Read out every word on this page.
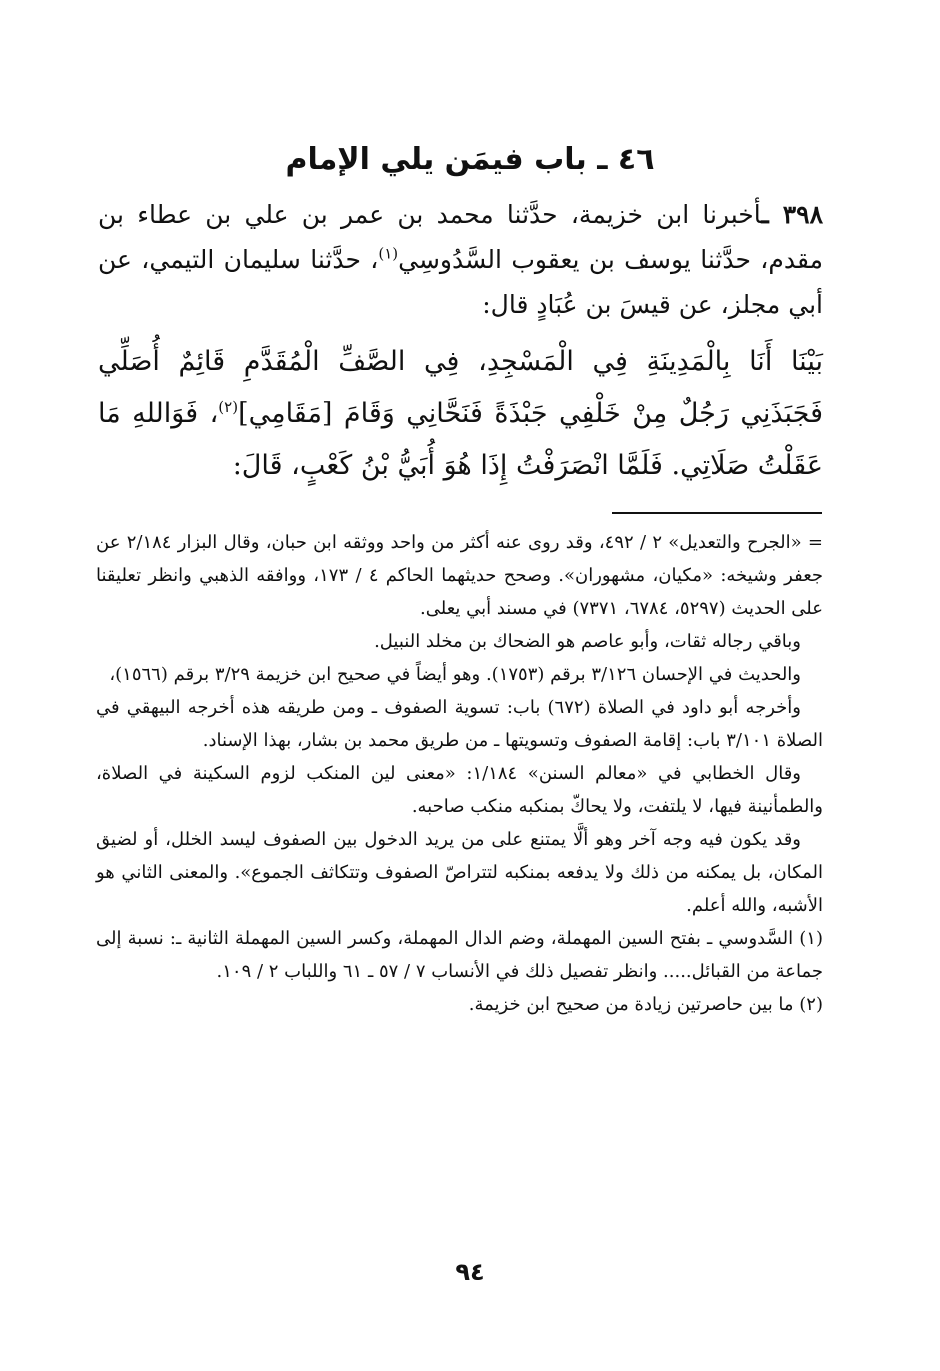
٤٦ ـ باب فيمَن يلي الإمام

٣٩٨ ـأخبرنا ابن خزيمة، حدَّثنا محمد بن عمر بن علي بن عطاء بن مقدم، حدَّثنا يوسف بن يعقوب السَّدُوسِي$^{(١)}$، حدَّثنا سليمان التيمي، عن أبي مجلز، عن قيسَ بن عُبَادٍ قال:

بَيْنَا أَنَا بِالْمَدِينَةِ فِي الْمَسْجِدِ، فِي الصَّفِّ الْمُقَدَّمِ قَائِمٌ أُصَلِّي فَجَبَذَنِي رَجُلٌ مِنْ خَلْفِي جَبْذَةً فَنَحَّانِي وَقَامَ [مَقَامِي]$^{(٢)}$، فَوَاللهِ مَا عَقَلْتُ صَلَاتِي. فَلَمَّا انْصَرَفْتُ إِذَا هُوَ أُبَيُّ بْنُ كَعْبٍ، قَالَ:

= «الجرح والتعديل» ٢ / ٤٩٢، وقد روى عنه أكثر من واحد ووثقه ابن حبان، وقال البزار ٢/١٨٤ عن جعفر وشيخه: «مكيان، مشهوران». وصحح حديثهما الحاكم ٤ / ١٧٣، ووافقه الذهبي وانظر تعليقنا على الحديث (٥٢٩٧، ٦٧٨٤، ٧٣٧١) في مسند أبي يعلى.

وباقي رجاله ثقات، وأبو عاصم هو الضحاك بن مخلد النبيل.

والحديث في الإحسان ٣/١٢٦ برقم (١٧٥٣). وهو أيضاً في صحيح ابن خزيمة ٣/٢٩ برقم (١٥٦٦)،

وأخرجه أبو داود في الصلاة (٦٧٢) باب: تسوية الصفوف ـ ومن طريقه هذه أخرجه البيهقي في الصلاة ٣/١٠١ باب: إقامة الصفوف وتسويتها ـ من طريق محمد بن بشار، بهذا الإسناد.

وقال الخطابي في «معالم السنن» ١/١٨٤: «معنى لين المنكب لزوم السكينة في الصلاة، والطمأنينة فيها، لا يلتفت، ولا يحاكّ بمنكبه منكب صاحبه.

وقد يكون فيه وجه آخر وهو ألَّا يمتنع على من يريد الدخول بين الصفوف ليسد الخلل، أو لضيق المكان، بل يمكنه من ذلك ولا يدفعه بمنكبه لتتراصّ الصفوف وتتكاثف الجموع». والمعنى الثاني هو الأشبه، والله أعلم.

(١) السَّدوسي ـ بفتح السين المهملة، وضم الدال المهملة، وكسر السين المهملة الثانية ـ: نسبة إلى جماعة من القبائل..... وانظر تفصيل ذلك في الأنساب ٧ / ٥٧ ـ ٦١ واللباب ٢ / ١٠٩.

(٢) ما بين حاصرتين زيادة من صحيح ابن خزيمة.

٩٤
